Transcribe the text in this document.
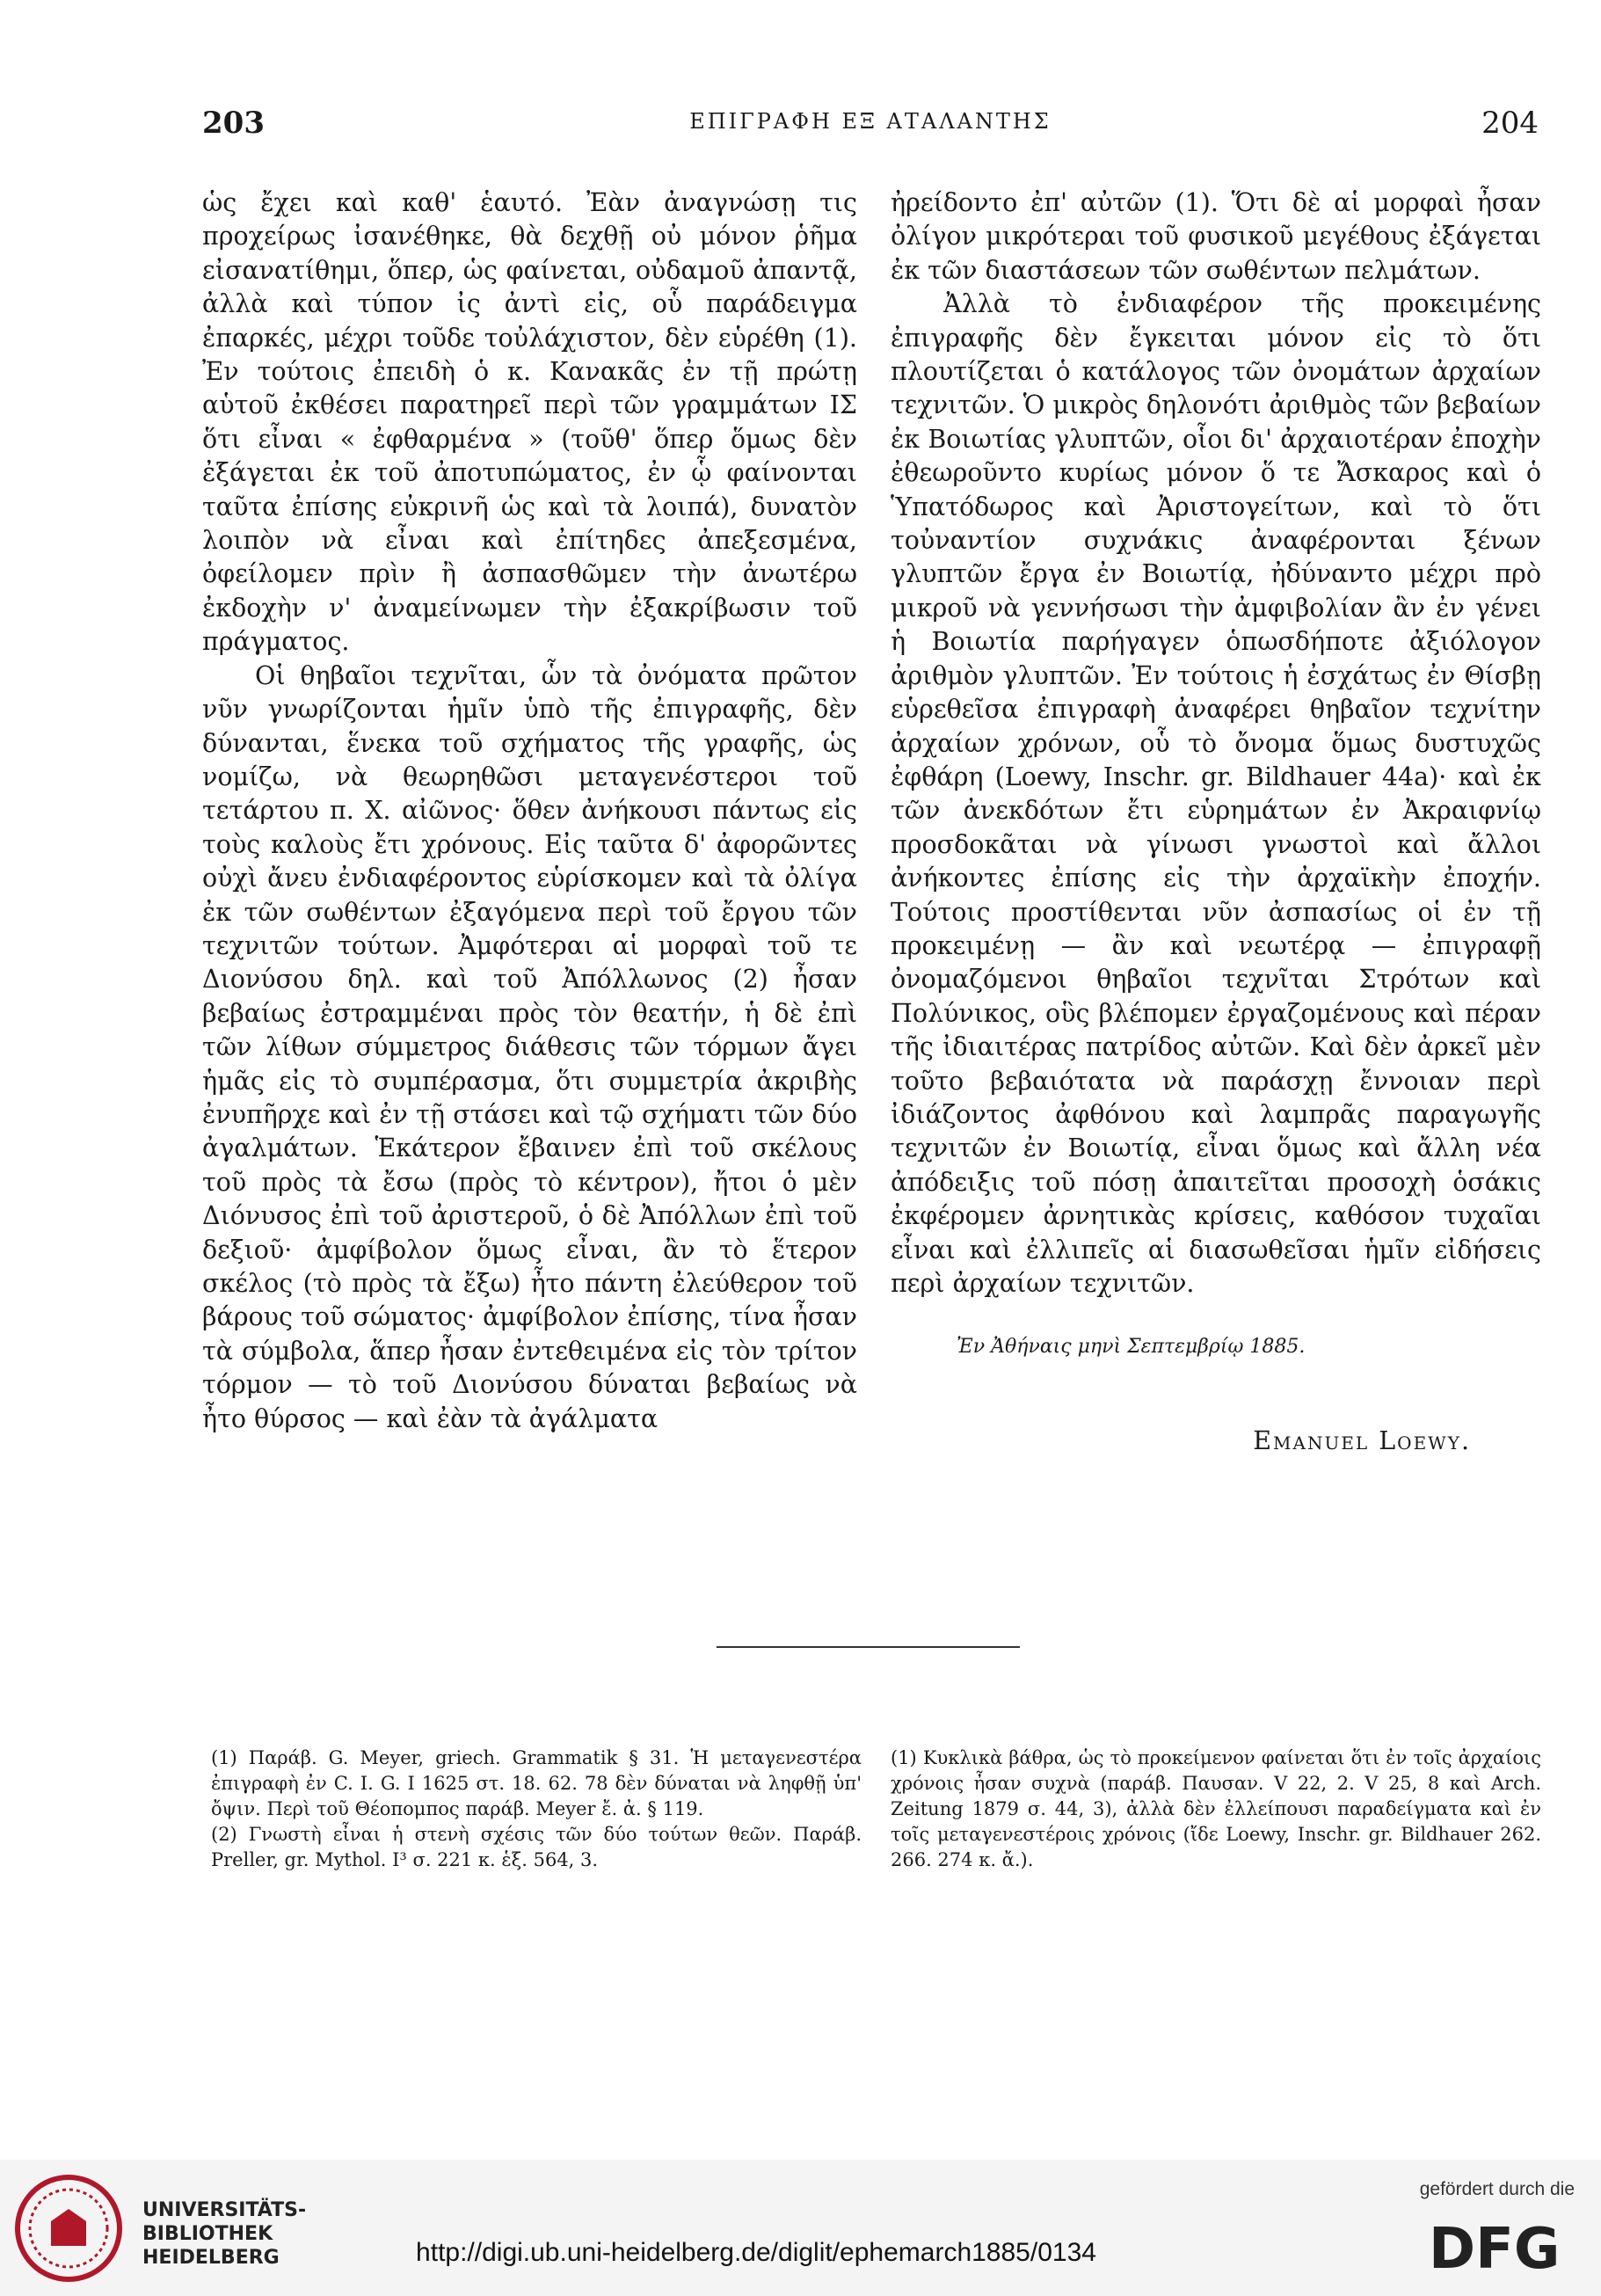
203	ΕΠΙΓΡΑΦΗ ΕΞ ΑΤΑΛΑΝΤΗΣ	204

ὡς ἔχει καὶ καθ' ἑαυτό. Ἐὰν ἀναγνώσῃ τις προχείρως ἰσανέθηκε, θὰ δεχθῇ οὐ μόνον ῥῆμα εἰσανατίθημι, ὅπερ, ὡς φαίνεται, οὐδαμοῦ ἀπαντᾷ, ἀλλὰ καὶ τύπον ἰς ἀντὶ εἰς, οὗ παράδειγμα ἐπαρκές, μέχρι τοῦδε τοὐλάχιστον, δὲν εὑρέθη (1). Ἐν τούτοις ἐπειδὴ ὁ κ. Κανακᾶς ἐν τῇ πρώτῃ αὑτοῦ ἐκθέσει παρατηρεῖ περὶ τῶν γραμμάτων ΙΣ ὅτι εἶναι « ἐφθαρμένα » (τοῦθ' ὅπερ ὅμως δὲν ἐξάγεται ἐκ τοῦ ἀποτυπώματος, ἐν ᾧ φαίνονται ταῦτα ἐπίσης εὐκρινῆ ὡς καὶ τὰ λοιπά), δυνατὸν λοιπὸν νὰ εἶναι καὶ ἐπίτηδες ἀπεξεσμένα, ὀφείλομεν πρὶν ἢ ἀσπασθῶμεν τὴν ἀνωτέρω ἐκδοχὴν ν' ἀναμείνωμεν τὴν ἐξακρίβωσιν τοῦ πράγματος.

Οἱ θηβαῖοι τεχνῖται, ὧν τὰ ὀνόματα πρῶτον νῦν γνωρίζονται ἡμῖν ὑπὸ τῆς ἐπιγραφῆς, δὲν δύνανται, ἕνεκα τοῦ σχήματος τῆς γραφῆς, ὡς νομίζω, νὰ θεωρηθῶσι μεταγενέστεροι τοῦ τετάρτου π. Χ. αἰῶνος· ὅθεν ἀνήκουσι πάντως εἰς τοὺς καλοὺς ἔτι χρόνους. Εἰς ταῦτα δ' ἀφορῶντες οὐχὶ ἄνευ ἐνδιαφέροντος εὑρίσκομεν καὶ τὰ ὀλίγα ἐκ τῶν σωθέντων ἐξαγόμενα περὶ τοῦ ἔργου τῶν τεχνιτῶν τούτων. Ἀμφότεραι αἱ μορφαὶ τοῦ τε Διονύσου δηλ. καὶ τοῦ Ἀπόλλωνος (2) ἦσαν βεβαίως ἐστραμμέναι πρὸς τὸν θεατήν, ἡ δὲ ἐπὶ τῶν λίθων σύμμετρος διάθεσις τῶν τόρμων ἄγει ἡμᾶς εἰς τὸ συμπέρασμα, ὅτι συμμετρία ἀκριβὴς ἐνυπῆρχε καὶ ἐν τῇ στάσει καὶ τῷ σχήματι τῶν δύο ἀγαλμάτων. Ἑκάτερον ἔβαινεν ἐπὶ τοῦ σκέλους τοῦ πρὸς τὰ ἔσω (πρὸς τὸ κέντρον), ἤτοι ὁ μὲν Διόνυσος ἐπὶ τοῦ ἀριστεροῦ, ὁ δὲ Ἀπόλλων ἐπὶ τοῦ δεξιοῦ· ἀμφίβολον ὅμως εἶναι, ἂν τὸ ἕτερον σκέλος (τὸ πρὸς τὰ ἔξω) ἦτο πάντη ἐλεύθερον τοῦ βάρους τοῦ σώματος· ἀμφίβολον ἐπίσης, τίνα ἦσαν τὰ σύμβολα, ἅπερ ἦσαν ἐντεθειμένα εἰς τὸν τρίτον τόρμον — τὸ τοῦ Διονύσου δύναται βεβαίως νὰ ἦτο θύρσος — καὶ ἐὰν τὰ ἀγάλματα

ἠρείδοντο ἐπ' αὐτῶν (1). Ὅτι δὲ αἱ μορφαὶ ἦσαν ὀλίγον μικρότεραι τοῦ φυσικοῦ μεγέθους ἐξάγεται ἐκ τῶν διαστάσεων τῶν σωθέντων πελμάτων.

Ἀλλὰ τὸ ἐνδιαφέρον τῆς προκειμένης ἐπιγραφῆς δὲν ἔγκειται μόνον εἰς τὸ ὅτι πλουτίζεται ὁ κατάλογος τῶν ὀνομάτων ἀρχαίων τεχνιτῶν. Ὁ μικρὸς δηλονότι ἀριθμὸς τῶν βεβαίων ἐκ Βοιωτίας γλυπτῶν, οἷοι δι' ἀρχαιοτέραν ἐποχὴν ἐθεωροῦντο κυρίως μόνον ὅ τε Ἄσκαρος καὶ ὁ Ὑπατόδωρος καὶ Ἀριστογείτων, καὶ τὸ ὅτι τοὐναντίον συχνάκις ἀναφέρονται ξένων γλυπτῶν ἔργα ἐν Βοιωτίᾳ, ἠδύναντο μέχρι πρὸ μικροῦ νὰ γεννήσωσι τὴν ἀμφιβολίαν ἂν ἐν γένει ἡ Βοιωτία παρήγαγεν ὁπωσδήποτε ἀξιόλογον ἀριθμὸν γλυπτῶν. Ἐν τούτοις ἡ ἐσχάτως ἐν Θίσβῃ εὑρεθεῖσα ἐπιγραφὴ ἀναφέρει θηβαῖον τεχνίτην ἀρχαίων χρόνων, οὗ τὸ ὄνομα ὅμως δυστυχῶς ἐφθάρη (Loewy, Inschr. gr. Bildhauer 44a)· καὶ ἐκ τῶν ἀνεκδότων ἔτι εὑρημάτων ἐν Ἀκραιφνίῳ προσδοκᾶται νὰ γίνωσι γνωστοὶ καὶ ἄλλοι ἀνήκοντες ἐπίσης εἰς τὴν ἀρχαϊκὴν ἐποχήν. Τούτοις προστίθενται νῦν ἀσπασίως οἱ ἐν τῇ προκειμένῃ — ἂν καὶ νεωτέρᾳ — ἐπιγραφῇ ὀνομαζόμενοι θηβαῖοι τεχνῖται Στρότων καὶ Πολύνικος, οὓς βλέπομεν ἐργαζομένους καὶ πέραν τῆς ἰδιαιτέρας πατρίδος αὐτῶν. Καὶ δὲν ἀρκεῖ μὲν τοῦτο βεβαιότατα νὰ παράσχῃ ἔννοιαν περὶ ἰδιάζοντος ἀφθόνου καὶ λαμπρᾶς παραγωγῆς τεχνιτῶν ἐν Βοιωτίᾳ, εἶναι ὅμως καὶ ἄλλη νέα ἀπόδειξις τοῦ πόσῃ ἀπαιτεῖται προσοχὴ ὁσάκις ἐκφέρομεν ἀρνητικὰς κρίσεις, καθόσον τυχαῖαι εἶναι καὶ ἐλλιπεῖς αἱ διασωθεῖσαι ἡμῖν εἰδήσεις περὶ ἀρχαίων τεχνιτῶν.

Ἐν Ἀθήναις μηνὶ Σεπτεμβρίῳ 1885.

Emanuel Loewy.

(1) Παράβ. G. Meyer, griech. Grammatik § 31. Ἡ μεταγενεστέρα ἐπιγραφὴ ἐν C. I. G. I 1625 στ. 18. 62. 78 δὲν δύναται νὰ ληφθῇ ὑπ' ὄψιν. Περὶ τοῦ Θέοπομπος παράβ. Meyer ἔ. ἀ. § 119.

(2) Γνωστὴ εἶναι ἡ στενὴ σχέσις τῶν δύο τούτων θεῶν. Παράβ. Preller, gr. Mythol. I³ σ. 221 κ. ἑξ. 564, 3.

(1) Κυκλικὰ βάθρα, ὡς τὸ προκείμενον φαίνεται ὅτι ἐν τοῖς ἀρχαίοις χρόνοις ἦσαν συχνὰ (παράβ. Παυσαν. V 22, 2. V 25, 8 καὶ Arch. Zeitung 1879 σ. 44, 3), ἀλλὰ δὲν ἐλλείπουσι παραδείγματα καὶ ἐν τοῖς μεταγενεστέροις χρόνοις (ἴδε Loewy, Inschr. gr. Bildhauer 262. 266. 274 κ. ἄ.).

UNIVERSITÄTS-
BIBLIOTHEK
HEIDELBERG	http://digi.ub.uni-heidelberg.de/diglit/ephemarch1885/0134
gefördert durch die
DFG
